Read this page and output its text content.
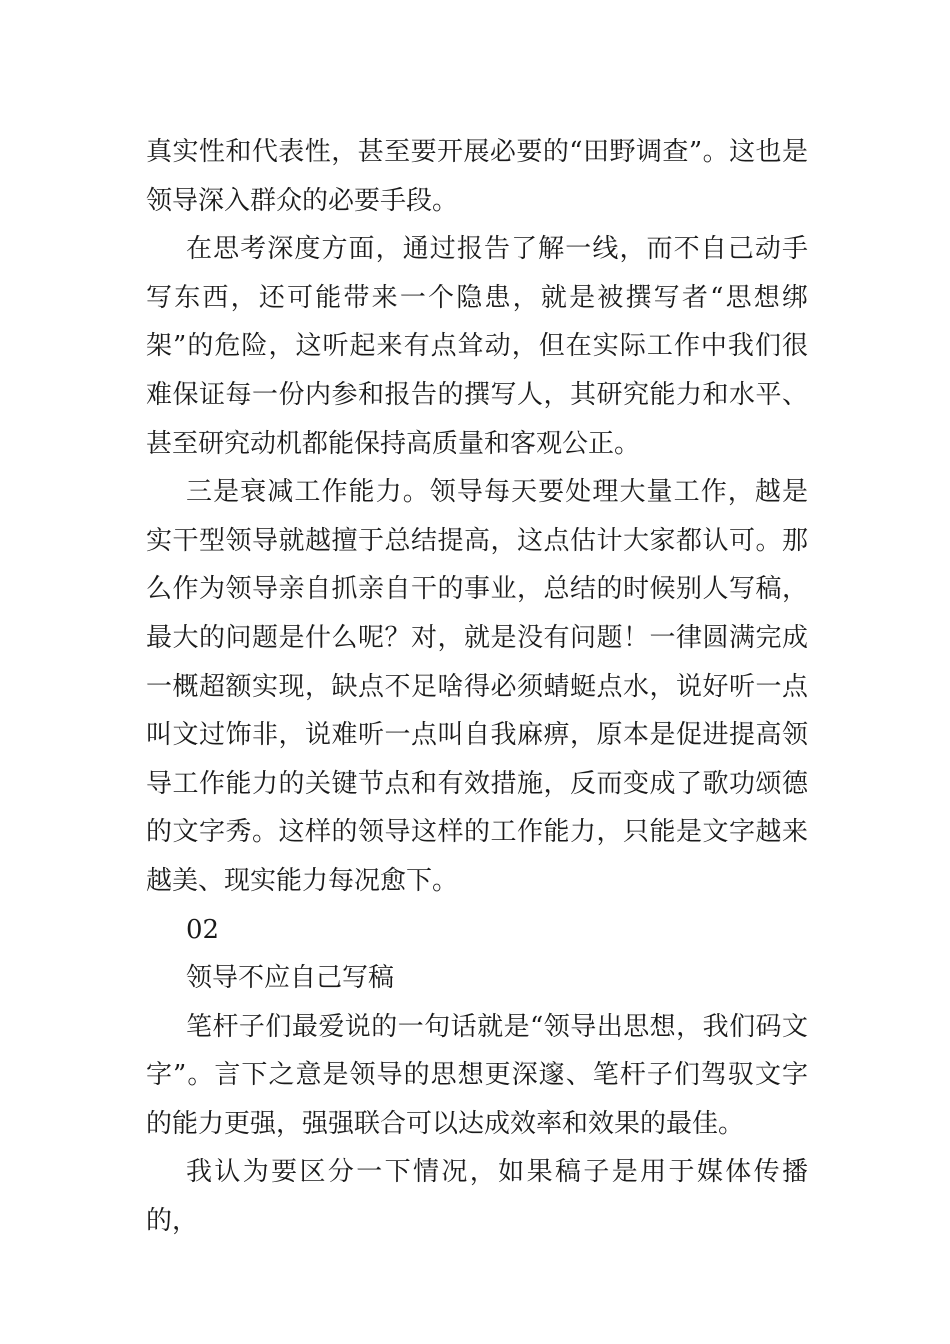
真实性和代表性，甚至要开展必要的“田野调查”。这也是领导深入群众的必要手段。

在思考深度方面，通过报告了解一线，而不自己动手写东西，还可能带来一个隐患，就是被撰写者“思想绑架”的危险，这听起来有点耸动，但在实际工作中我们很难保证每一份内参和报告的撰写人，其研究能力和水平、甚至研究动机都能保持高质量和客观公正。

三是衰减工作能力。领导每天要处理大量工作，越是实干型领导就越擅于总结提高，这点估计大家都认可。那么作为领导亲自抓亲自干的事业，总结的时候别人写稿，最大的问题是什么呢？对，就是没有问题！一律圆满完成一概超额实现，缺点不足啥得必须蜻蜓点水，说好听一点叫文过饰非，说难听一点叫自我麻痹，原本是促进提高领导工作能力的关键节点和有效措施，反而变成了歌功颂德的文字秀。这样的领导这样的工作能力，只能是文字越来越美、现实能力每况愈下。

02

领导不应自己写稿

笔杆子们最爱说的一句话就是“领导出思想，我们码文字”。言下之意是领导的思想更深邃、笔杆子们驾驭文字的能力更强，强强联合可以达成效率和效果的最佳。

我认为要区分一下情况，如果稿子是用于媒体传播的，
